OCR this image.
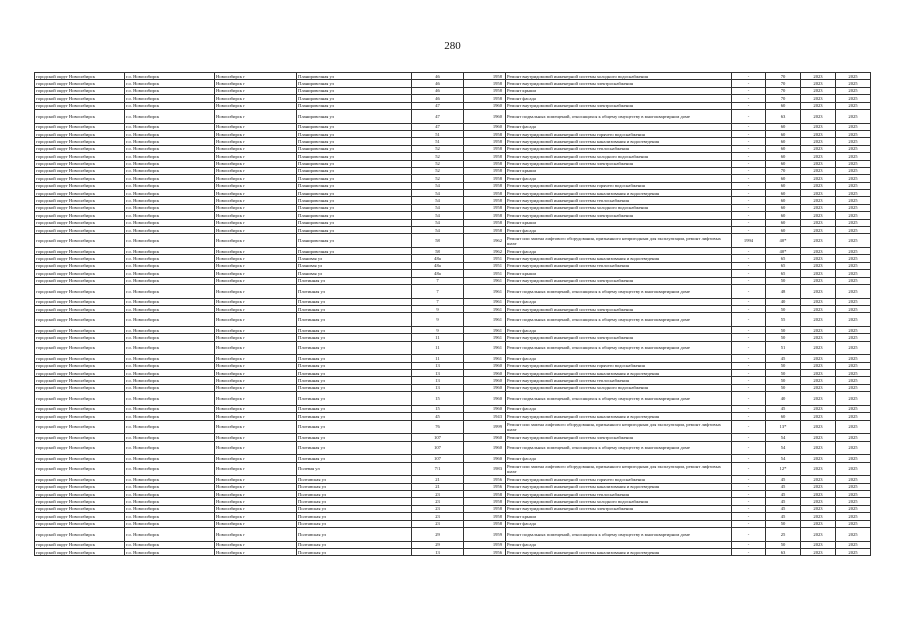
280
городской округ Новосибирск	г.о. Новосибирск	Новосибирск г	Планировочная ул	46	1958	Ремонт внутридомовой инженерной системы холодного водоснабжения	-	70	2023	2025
городской округ Новосибирск	г.о. Новосибирск	Новосибирск г	Планировочная ул	46	1958	Ремонт внутридомовой инженерной системы электроснабжения	-	70	2023	2025
городской округ Новосибирск	г.о. Новосибирск	Новосибирск г	Планировочная ул	46	1958	Ремонт крыши	-	70	2023	2025
городской округ Новосибирск	г.о. Новосибирск	Новосибирск г	Планировочная ул	46	1958	Ремонт фасада	-	70	2023	2025
городской округ Новосибирск	г.о. Новосибирск	Новосибирск г	Планировочная ул	47	1960	Ремонт внутридомовой инженерной системы электроснабжения	-	60	2023	2025
городской округ Новосибирск	г.о. Новосибирск	Новосибирск г	Планировочная ул	47	1960	Ремонт подвальных помещений, относящихся к общему имуществу в многоквартирном доме	-	63	2023	2025
городской округ Новосибирск	г.о. Новосибирск	Новосибирск г	Планировочная ул	47	1960	Ремонт фасада	-	60	2023	2025
городской округ Новосибирск	г.о. Новосибирск	Новосибирск г	Планировочная ул	51	1958	Ремонт внутридомовой инженерной системы горячего водоснабжения	-	60	2023	2025
городской округ Новосибирск	г.о. Новосибирск	Новосибирск г	Планировочная ул	51	1958	Ремонт внутридомовой инженерной системы канализования и водоотведения	-	60	2023	2025
городской округ Новосибирск	г.о. Новосибирск	Новосибирск г	Планировочная ул	52	1958	Ремонт внутридомовой инженерной системы теплоснабжения	-	60	2023	2025
городской округ Новосибирск	г.о. Новосибирск	Новосибирск г	Планировочная ул	52	1958	Ремонт внутридомовой инженерной системы холодного водоснабжения	-	60	2023	2025
городской округ Новосибирск	г.о. Новосибирск	Новосибирск г	Планировочная ул	52	1958	Ремонт внутридомовой инженерной системы электроснабжения	-	60	2023	2025
городской округ Новосибирск	г.о. Новосибирск	Новосибирск г	Планировочная ул	52	1958	Ремонт крыши	-	70	2023	2025
городской округ Новосибирск	г.о. Новосибирск	Новосибирск г	Планировочная ул	52	1958	Ремонт фасада	-	60	2023	2025
городской округ Новосибирск	г.о. Новосибирск	Новосибирск г	Планировочная ул	54	1958	Ремонт внутридомовой инженерной системы горячего водоснабжения	-	60	2023	2025
городской округ Новосибирск	г.о. Новосибирск	Новосибирск г	Планировочная ул	54	1958	Ремонт внутридомовой инженерной системы канализования и водоотведения	-	60	2023	2025
городской округ Новосибирск	г.о. Новосибирск	Новосибирск г	Планировочная ул	54	1958	Ремонт внутридомовой инженерной системы теплоснабжения	-	60	2023	2025
городской округ Новосибирск	г.о. Новосибирск	Новосибирск г	Планировочная ул	54	1958	Ремонт внутридомовой инженерной системы холодного водоснабжения	-	60	2023	2025
городской округ Новосибирск	г.о. Новосибирск	Новосибирск г	Планировочная ул	54	1958	Ремонт внутридомовой инженерной системы электроснабжения	-	60	2023	2025
городской округ Новосибирск	г.о. Новосибирск	Новосибирск г	Планировочная ул	54	1958	Ремонт крыши	-	60	2023	2025
городской округ Новосибирск	г.о. Новосибирск	Новосибирск г	Планировочная ул	54	1958	Ремонт фасада	-	60	2023	2025
городской округ Новосибирск	г.о. Новосибирск	Новосибирск г	Планировочная ул	58	1962	Ремонт или замена лифтового оборудования, признанного непригодным для эксплуатации, ремонт лифтовых шахт	1994	40*	2023	2025
городской округ Новосибирск	г.о. Новосибирск	Новосибирск г	Планировочная ул	58	1962	Ремонт фасада	-	40*	2023	2025
городской округ Новосибирск	г.о. Новосибирск	Новосибирск г	Плановая ул	48а	1951	Ремонт внутридомовой инженерной системы канализования и водоотведения	-	65	2023	2025
городской округ Новосибирск	г.о. Новосибирск	Новосибирск г	Плановая ул	48а	1951	Ремонт внутридомовой инженерной системы теплоснабжения	-	65	2023	2025
городской округ Новосибирск	г.о. Новосибирск	Новосибирск г	Плановая ул	48а	1951	Ремонт крыши	-	65	2023	2025
городской округ Новосибирск	г.о. Новосибирск	Новосибирск г	Плотинная ул	7	1961	Ремонт внутридомовой инженерной системы электроснабжения	-	50	2023	2025
городской округ Новосибирск	г.о. Новосибирск	Новосибирск г	Плотинная ул	7	1961	Ремонт подвальных помещений, относящихся к общему имуществу в многоквартирном доме	-	48	2023	2025
городской округ Новосибирск	г.о. Новосибирск	Новосибирск г	Плотинная ул	7	1961	Ремонт фасада	-	40	2023	2025
городской округ Новосибирск	г.о. Новосибирск	Новосибирск г	Плотинная ул	9	1961	Ремонт внутридомовой инженерной системы электроснабжения	-	50	2023	2025
городской округ Новосибирск	г.о. Новосибирск	Новосибирск г	Плотинная ул	9	1961	Ремонт подвальных помещений, относящихся к общему имуществу в многоквартирном доме	-	55	2023	2025
городской округ Новосибирск	г.о. Новосибирск	Новосибирск г	Плотинная ул	9	1961	Ремонт фасада	-	50	2023	2025
городской округ Новосибирск	г.о. Новосибирск	Новосибирск г	Плотинная ул	11	1961	Ремонт внутридомовой инженерной системы электроснабжения	-	50	2023	2025
городской округ Новосибирск	г.о. Новосибирск	Новосибирск г	Плотинная ул	11	1961	Ремонт подвальных помещений, относящихся к общему имуществу в многоквартирном доме	-	51	2023	2025
городской округ Новосибирск	г.о. Новосибирск	Новосибирск г	Плотинная ул	11	1961	Ремонт фасада	-	45	2023	2025
городской округ Новосибирск	г.о. Новосибирск	Новосибирск г	Плотинная ул	13	1960	Ремонт внутридомовой инженерной системы горячего водоснабжения	-	50	2023	2025
городской округ Новосибирск	г.о. Новосибирск	Новосибирск г	Плотинная ул	13	1960	Ремонт внутридомовой инженерной системы канализования и водоотведения	-	50	2023	2025
городской округ Новосибирск	г.о. Новосибирск	Новосибирск г	Плотинная ул	13	1960	Ремонт внутридомовой инженерной системы теплоснабжения	-	50	2023	2025
городской округ Новосибирск	г.о. Новосибирск	Новосибирск г	Плотинная ул	13	1960	Ремонт внутридомовой инженерной системы холодного водоснабжения	-	50	2023	2025
городской округ Новосибирск	г.о. Новосибирск	Новосибирск г	Плотинная ул	15	1960	Ремонт подвальных помещений, относящихся к общему имуществу в многоквартирном доме	-	40	2023	2025
городской округ Новосибирск	г.о. Новосибирск	Новосибирск г	Плотинная ул	15	1960	Ремонт фасада	-	45	2023	2025
городской округ Новосибирск	г.о. Новосибирск	Новосибирск г	Плотинная ул	45	1943	Ремонт внутридомовой инженерной системы канализования и водоотведения	-	60	2023	2025
городской округ Новосибирск	г.о. Новосибирск	Новосибирск г	Плотинная ул	76	1999	Ремонт или замена лифтового оборудования, признанного непригодным для эксплуатации, ремонт лифтовых шахт	-	13*	2023	2025
городской округ Новосибирск	г.о. Новосибирск	Новосибирск г	Плотинная ул	107	1960	Ремонт внутридомовой инженерной системы электроснабжения	-	54	2023	2025
городской округ Новосибирск	г.о. Новосибирск	Новосибирск г	Плотинная ул	107	1960	Ремонт подвальных помещений, относящихся к общему имуществу в многоквартирном доме	-	54	2023	2025
городской округ Новосибирск	г.о. Новосибирск	Новосибирск г	Плотинная ул	107	1960	Ремонт фасада	-	54	2023	2025
городской округ Новосибирск	г.о. Новосибирск	Новосибирск г	Полевая ул	7/1	1983	Ремонт или замена лифтового оборудования, признанного непригодным для эксплуатации, ремонт лифтовых шахт	-	12*	2023	2025
городской округ Новосибирск	г.о. Новосибирск	Новосибирск г	Полтавская ул	21	1956	Ремонт внутридомовой инженерной системы горячего водоснабжения	-	45	2023	2025
городской округ Новосибирск	г.о. Новосибирск	Новосибирск г	Полтавская ул	21	1956	Ремонт внутридомовой инженерной системы канализования и водоотведения	-	45	2023	2025
городской округ Новосибирск	г.о. Новосибирск	Новосибирск г	Полтавская ул	23	1958	Ремонт внутридомовой инженерной системы теплоснабжения	-	45	2023	2025
городской округ Новосибирск	г.о. Новосибирск	Новосибирск г	Полтавская ул	23	1958	Ремонт внутридомовой инженерной системы холодного водоснабжения	-	45	2023	2025
городской округ Новосибирск	г.о. Новосибирск	Новосибирск г	Полтавская ул	23	1958	Ремонт внутридомовой инженерной системы электроснабжения	-	45	2023	2025
городской округ Новосибирск	г.о. Новосибирск	Новосибирск г	Полтавская ул	23	1958	Ремонт крыши	-	45	2023	2025
городской округ Новосибирск	г.о. Новосибирск	Новосибирск г	Полтавская ул	23	1958	Ремонт фасада	-	50	2023	2025
городской округ Новосибирск	г.о. Новосибирск	Новосибирск г	Полтавская ул	29	1959	Ремонт подвальных помещений, относящихся к общему имуществу в многоквартирном доме	-	25	2023	2025
городской округ Новосибирск	г.о. Новосибирск	Новосибирск г	Полтавская ул	29	1959	Ремонт фасада	-	50	2023	2025
городской округ Новосибирск	г.о. Новосибирск	Новосибирск г	Полтавская ул	13	1956	Ремонт внутридомовой инженерной системы канализования и водоотведения	-	63	2023	2025
